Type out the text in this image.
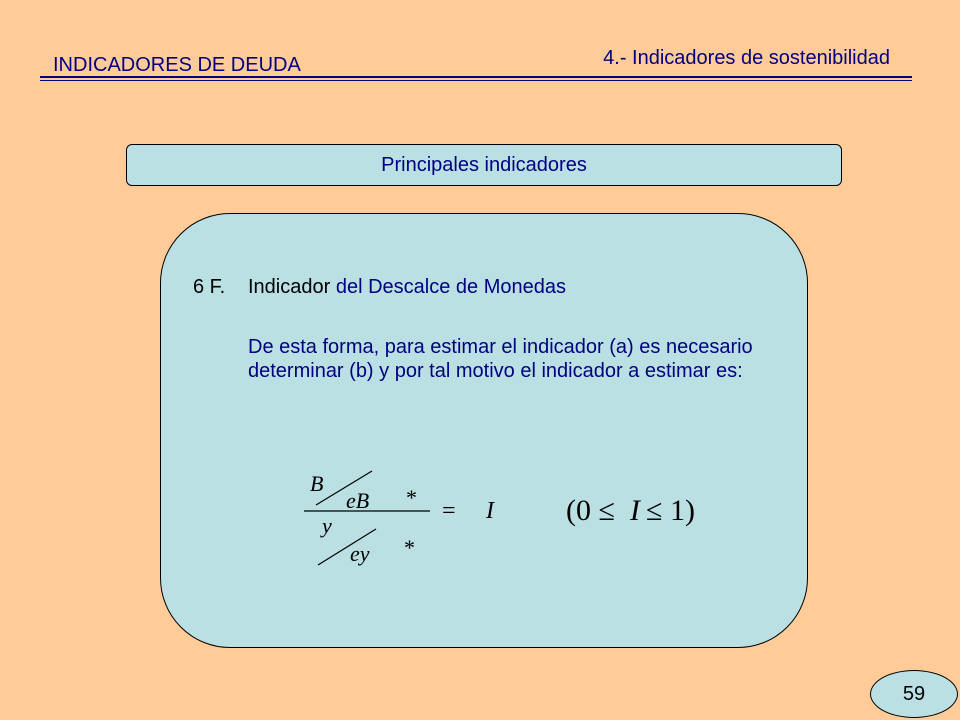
INDICADORES DE DEUDA	4.- Indicadores de sostenibilidad
Principales indicadores
6 F. Indicador del Descalce de Monedas
De esta forma, para estimar el indicador (a) es necesario determinar (b) y por tal motivo el indicador a estimar es:
B
eB *
y
ey *
= I (0 ≤ I ≤ 1)
59
